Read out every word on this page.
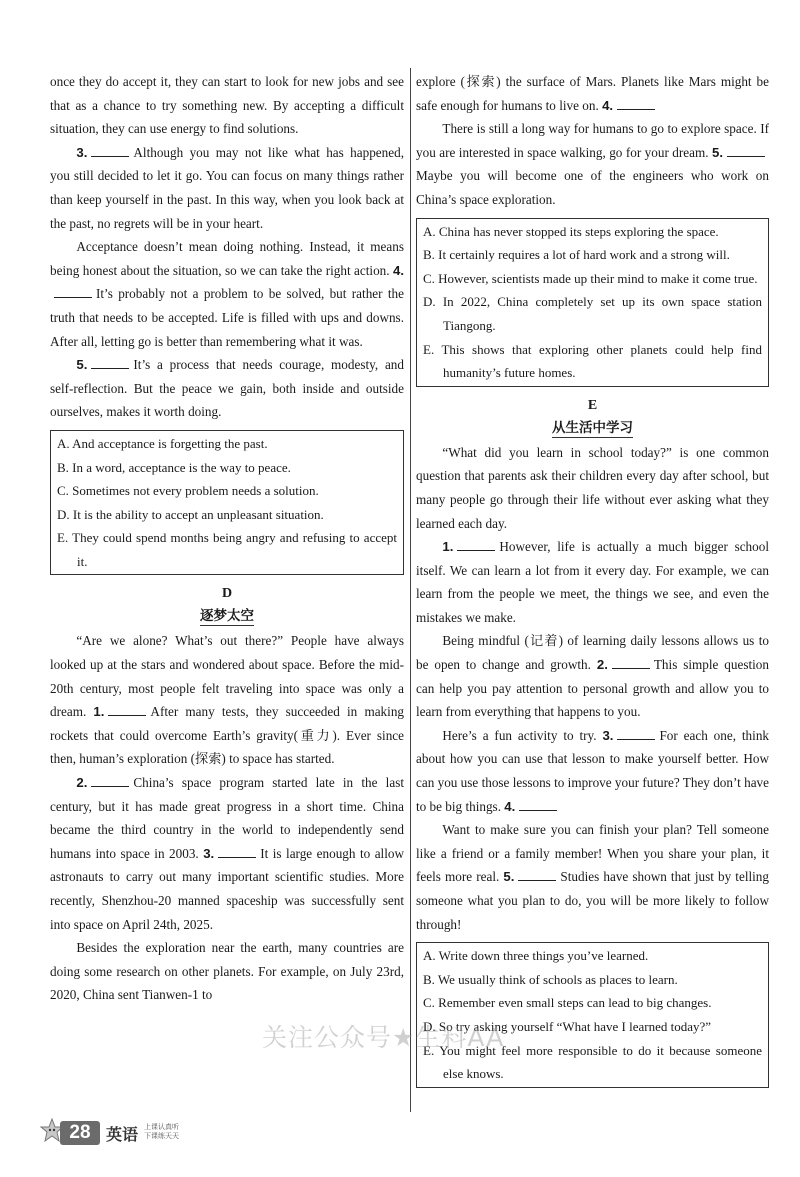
once they do accept it, they can start to look for new jobs and see that as a chance to try something new. By accepting a difficult situation, they can use energy to find solutions.

3.	Although you may not like what has happened, you still decided to let it go. You can focus on many things rather than keep yourself in the past. In this way, when you look back at the past, no regrets will be in your heart.

Acceptance doesn’t mean doing nothing. Instead, it means being honest about the situation, so we can take the right action. 4.It’s probably not a problem to be solved, but rather the truth that needs to be accepted. Life is filled with ups and downs. After all, letting go is better than remembering what it was.

5.	It’s a process that needs courage, modesty, and self-reflection. But the peace we gain, both inside and outside ourselves, makes it worth doing.

A. And acceptance is forgetting the past.
B. In a word, acceptance is the way to peace.
C. Sometimes not every problem needs a solution.
D. It is the ability to accept an unpleasant situation.
E. They could spend months being angry and refusing to accept it.
D
逐梦太空

“Are we alone? What’s out there?” People have always looked up at the stars and wondered about space. Before the mid-20th century, most people felt traveling into space was only a dream. 1.	After many tests, they succeeded in making rockets that could overcome Earth’s gravity(重力). Ever since then, human’s exploration (探索) to space has started.

2.	China’s space program started late in the last century, but it has made great progress in a short time. China became the third country in the world to independently send humans into space in 2003. 3.	It is large enough to allow astronauts to carry out many important scientific studies. More recently, Shenzhou-20 manned spaceship was successfully sent into space on April 24th, 2025.

Besides the exploration near the earth, many countries are doing some research on other planets. For example, on July 23rd, 2020, China sent Tianwen-1 to

explore (探索) the surface of Mars. Planets like Mars might be safe enough for humans to live on. 4.

There is still a long way for humans to go to explore space. If you are interested in space walking, go for your dream. 5.Maybe you will become one of the engineers who work on China’s space exploration.

A. China has never stopped its steps exploring the space.
B. It certainly requires a lot of hard work and a strong will.
C. However, scientists made up their mind to make it come true.
D. In 2022, China completely set up its own space station Tiangong.
E. This shows that exploring other planets could help find humanity’s future homes.
E
从生活中学习

“What did you learn in school today?” is one common question that parents ask their children every day after school, but many people go through their life without ever asking what they learned each day.

1.	However, life is actually a much bigger school itself. We can learn a lot from it every day. For example, we can learn from the people we meet, the things we see, and even the mistakes we make.

Being mindful (记着) of learning daily lessons allows us to be open to change and growth. 2.	This simple question can help you pay attention to personal growth and allow you to learn from everything that happens to you.

Here’s a fun activity to try. 3.	For each one, think about how you can use that lesson to make yourself better. How can you use those lessons to improve your future? They don’t have to be big things. 4.

Want to make sure you can finish your plan? Tell someone like a friend or a family member! When you share your plan, it feels more real. 5.	Studies have shown that just by telling someone what you plan to do, you will be more likely to follow through!

A. Write down three things you’ve learned.
B. We usually think of schools as places to learn.
C. Remember even small steps can lead to big changes.
D. So try asking yourself “What have I learned today?”
E. You might feel more responsible to do it because someone else knows.
28 英语 上课认真听
下课练天天
关注公众号★生料AA
